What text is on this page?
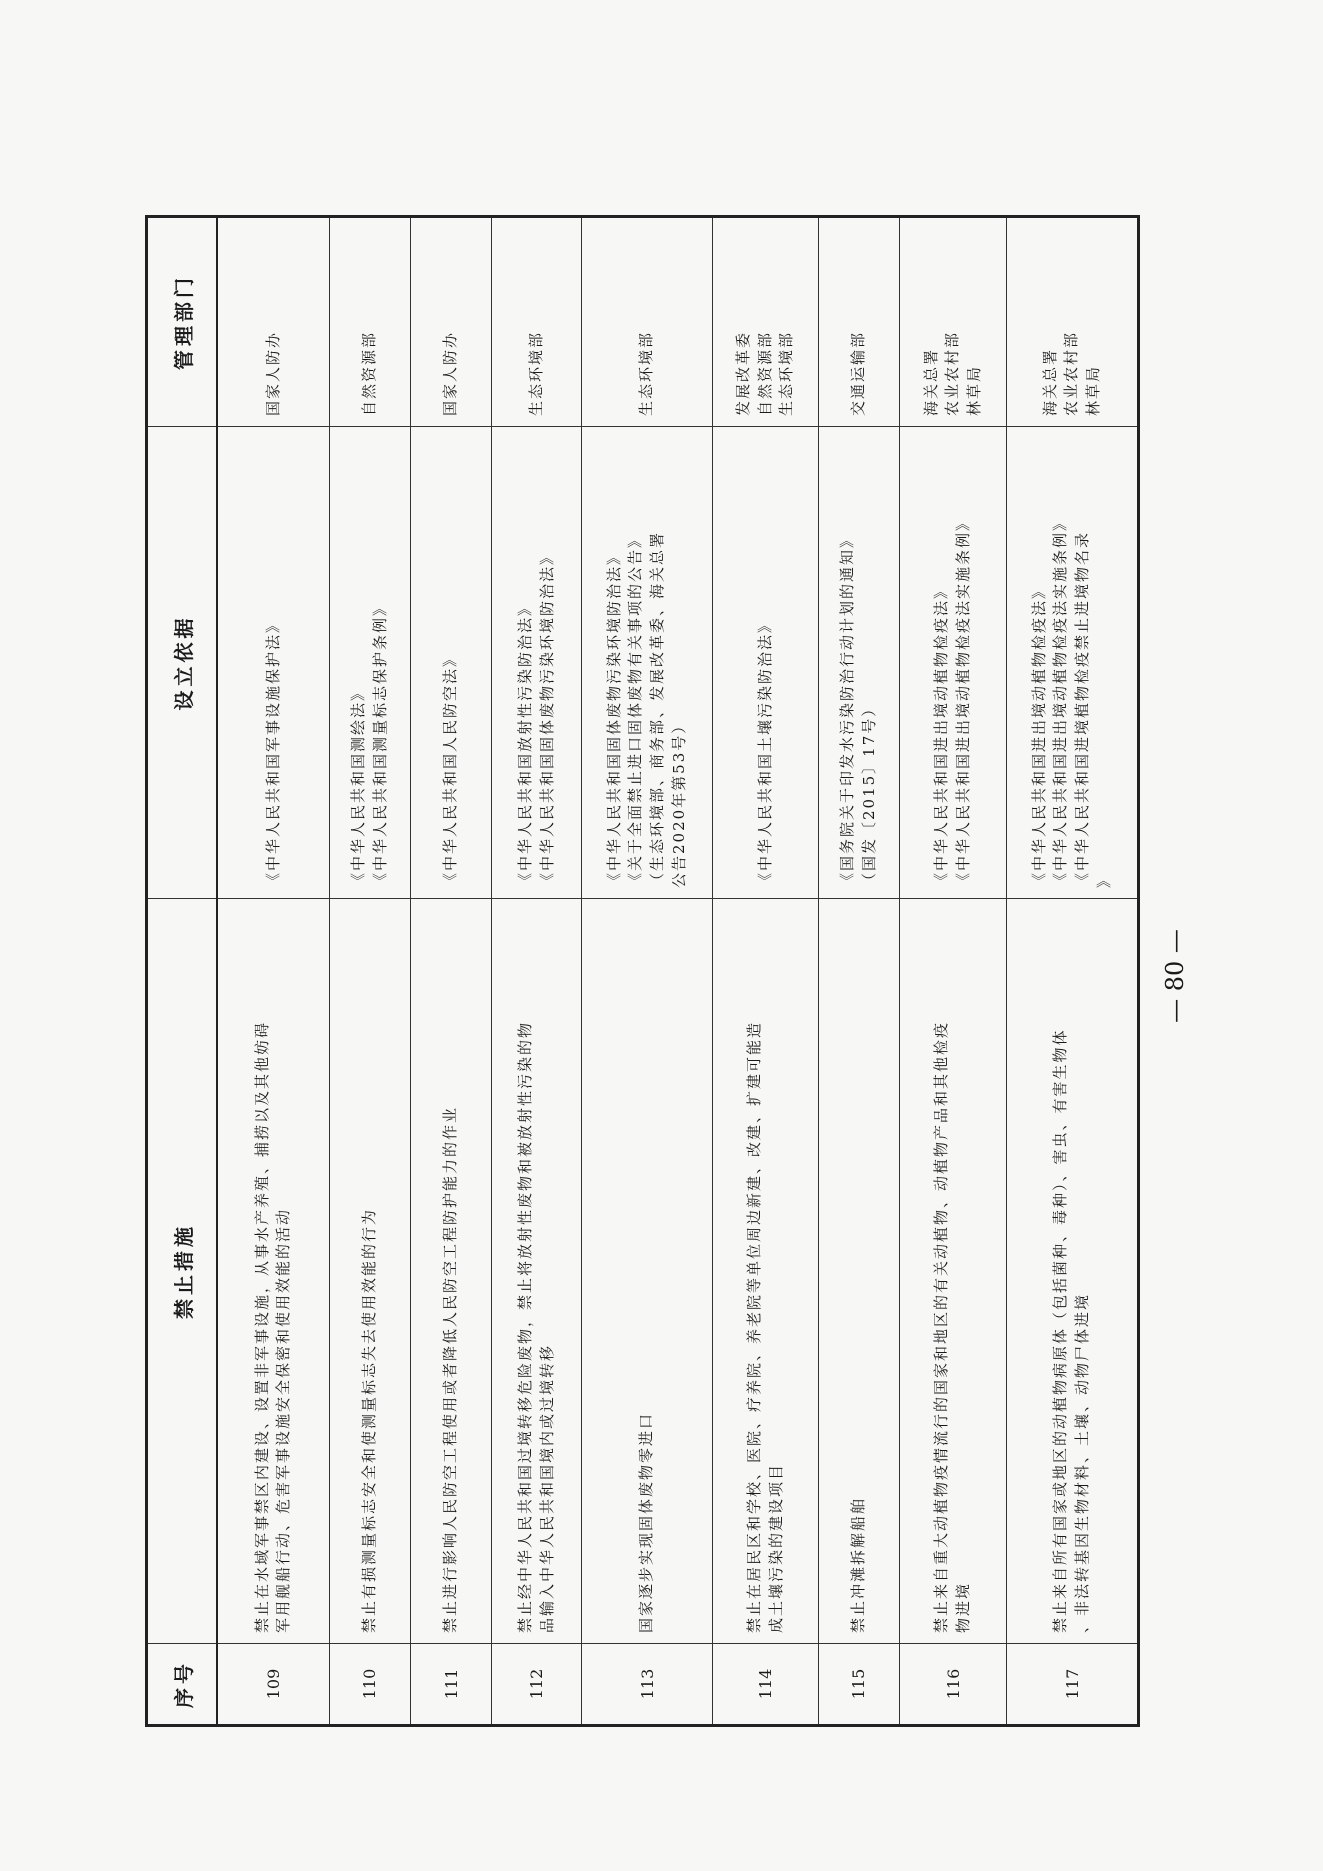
序号	禁止措施	设立依据	管理部门
109	禁止在水域军事禁区内建设、设置非军事设施，从事水产养殖、捕捞以及其他妨碍 军用舰船行动、危害军事设施安全保密和使用效能的活动	《中华人民共和国军事设施保护法》	国家人防办

110	禁止有损测量标志安全和使测量标志失去使用效能的行为	《中华人民共和国测绘法》 《中华人民共和国测量标志保护条例》	自然资源部

111	禁止进行影响人民防空工程使用或者降低人民防空工程防护能力的作业	《中华人民共和国人民防空法》	国家人防办

112	禁止经中华人民共和国过境转移危险废物，禁止将放射性废物和被放射性污染的物 品输入中华人民共和国境内或过境转移	《中华人民共和国放射性污染防治法》 《中华人民共和国固体废物污染环境防治法》	生态环境部

113	国家逐步实现固体废物零进口	《中华人民共和国固体废物污染环境防治法》 《关于全面禁止进口固体废物有关事项的公告》 （生态环境部、商务部、发展改革委、海关总署 公告2020年第53号）	生态环境部

114	禁止在居民区和学校、医院、疗养院、养老院等单位周边新建、改建、扩建可能造 成土壤污染的建设项目	《中华人民共和国土壤污染防治法》	发展改革委 自然资源部 生态环境部

115	禁止冲滩拆解船舶	《国务院关于印发水污染防治行动计划的通知》 （国发〔2015〕17号）	交通运输部

116	禁止来自重大动植物疫情流行的国家和地区的有关动植物、动植物产品和其他检疫 物进境	《中华人民共和国进出境动植物检疫法》 《中华人民共和国进出境动植物检疫法实施条例》	海关总署 农业农村部 林草局

117	禁止来自所有国家或地区的动植物病原体（包括菌种、毒种）、害虫、有害生物体 、非法转基因生物材料、土壤、动物尸体进境	《中华人民共和国进出境动植物检疫法》 《中华人民共和国进出境动植物检疫法实施条例》 《中华人民共和国进境植物检疫禁止进境物名录 》	海关总署 农业农村部 林草局
— 80 —
